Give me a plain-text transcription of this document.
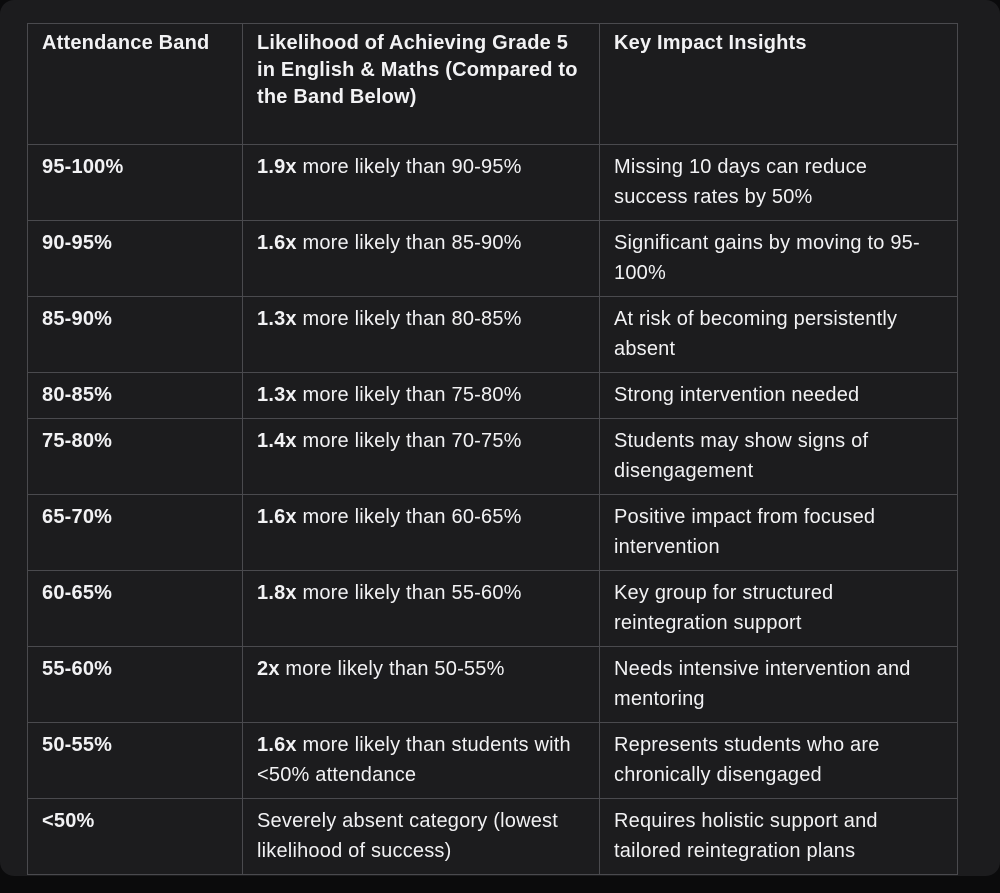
Attendance Band	Likelihood of Achieving Grade 5 in English & Maths (Compared to the Band Below)	Key Impact Insights
95-100%	1.9x more likely than 90-95%	Missing 10 days can reduce success rates by 50%
90-95%	1.6x more likely than 85-90%	Significant gains by moving to 95-100%
85-90%	1.3x more likely than 80-85%	At risk of becoming persistently absent
80-85%	1.3x more likely than 75-80%	Strong intervention needed
75-80%	1.4x more likely than 70-75%	Students may show signs of disengagement
65-70%	1.6x more likely than 60-65%	Positive impact from focused intervention
60-65%	1.8x more likely than 55-60%	Key group for structured reintegration support
55-60%	2x more likely than 50-55%	Needs intensive intervention and mentoring
50-55%	1.6x more likely than students with <50% attendance	Represents students who are chronically disengaged
<50%	Severely absent category (lowest likelihood of success)	Requires holistic support and tailored reintegration plans
